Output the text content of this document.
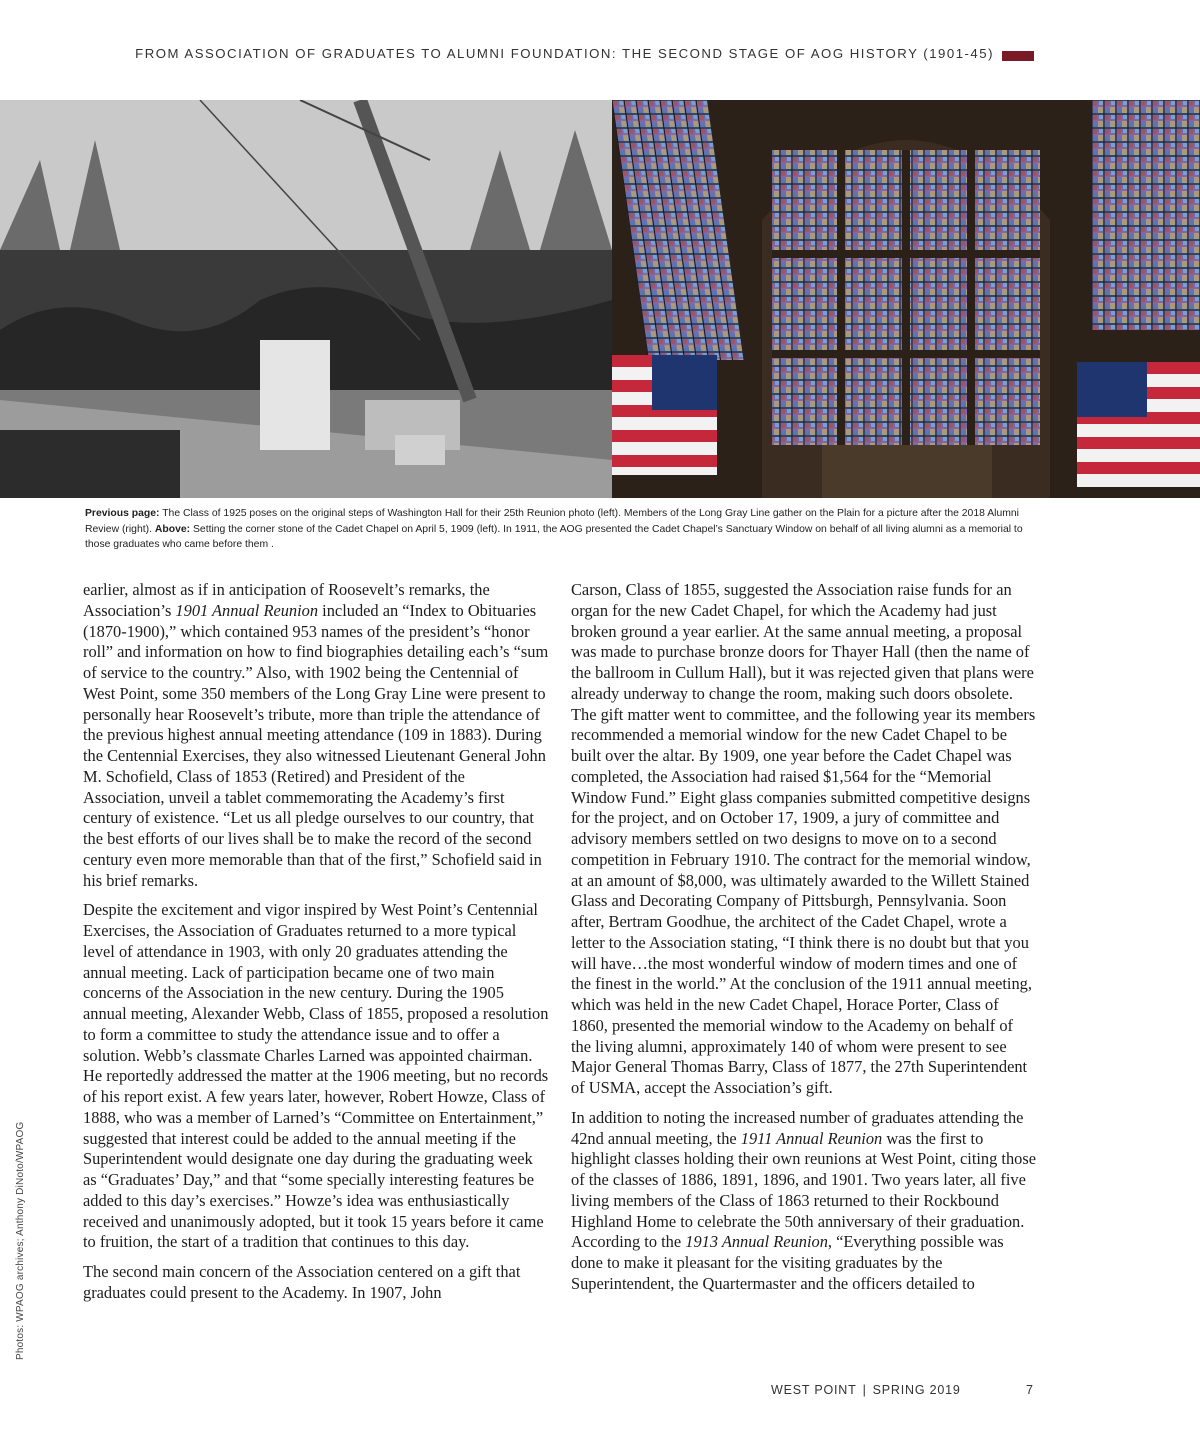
FROM ASSOCIATION OF GRADUATES TO ALUMNI FOUNDATION: THE SECOND STAGE OF AOG HISTORY (1901-45)
Previous page: The Class of 1925 poses on the original steps of Washington Hall for their 25th Reunion photo (left). Members of the Long Gray Line gather on the Plain for a picture after the 2018 Alumni Review (right). Above: Setting the corner stone of the Cadet Chapel on April 5, 1909 (left). In 1911, the AOG presented the Cadet Chapel’s Sanctuary Window on behalf of all living alumni as a memorial to those graduates who came before them .

earlier, almost as if in anticipation of Roosevelt’s remarks, the Association’s 1901 Annual Reunion included an “Index to Obituaries (1870-1900),” which contained 953 names of the president’s “honor roll” and information on how to find biographies detailing each’s “sum of service to the country.” Also, with 1902 being the Centennial of West Point, some 350 members of the Long Gray Line were present to personally hear Roosevelt’s tribute, more than triple the attendance of the previous highest annual meeting attendance (109 in 1883). During the Centennial Exercises, they also witnessed Lieutenant General John M. Schofield, Class of 1853 (Retired) and President of the Association, unveil a tablet commemorating the Academy’s first century of existence. “Let us all pledge ourselves to our country, that the best efforts of our lives shall be to make the record of the second century even more memorable than that of the first,” Schofield said in his brief remarks.

Despite the excitement and vigor inspired by West Point’s Centennial Exercises, the Association of Graduates returned to a more typical level of attendance in 1903, with only 20 graduates attending the annual meeting. Lack of participation became one of two main concerns of the Association in the new century. During the 1905 annual meeting, Alexander Webb, Class of 1855, proposed a resolution to form a committee to study the attendance issue and to offer a solution. Webb’s classmate Charles Larned was appointed chairman. He reportedly addressed the matter at the 1906 meeting, but no records of his report exist. A few years later, however, Robert Howze, Class of 1888, who was a member of Larned’s “Committee on Entertainment,” suggested that interest could be added to the annual meeting if the Superintendent would designate one day during the graduating week as “Graduates’ Day,” and that “some specially interesting features be added to this day’s exercises.” Howze’s idea was enthusiastically received and unanimously adopted, but it took 15 years before it came to fruition, the start of a tradition that continues to this day.

The second main concern of the Association centered on a gift that graduates could present to the Academy. In 1907, John

Carson, Class of 1855, suggested the Association raise funds for an organ for the new Cadet Chapel, for which the Academy had just broken ground a year earlier. At the same annual meeting, a proposal was made to purchase bronze doors for Thayer Hall (then the name of the ballroom in Cullum Hall), but it was rejected given that plans were already underway to change the room, making such doors obsolete. The gift matter went to committee, and the following year its members recommended a memorial window for the new Cadet Chapel to be built over the altar. By 1909, one year before the Cadet Chapel was completed, the Association had raised $1,564 for the “Memorial Window Fund.” Eight glass companies submitted competitive designs for the project, and on October 17, 1909, a jury of committee and advisory members settled on two designs to move on to a second competition in February 1910. The contract for the memorial window, at an amount of $8,000, was ultimately awarded to the Willett Stained Glass and Decorating Company of Pittsburgh, Pennsylvania. Soon after, Bertram Goodhue, the architect of the Cadet Chapel, wrote a letter to the Association stating, “I think there is no doubt but that you will have…the most wonderful window of modern times and one of the finest in the world.” At the conclusion of the 1911 annual meeting, which was held in the new Cadet Chapel, Horace Porter, Class of 1860, presented the memorial window to the Academy on behalf of the living alumni, approximately 140 of whom were present to see Major General Thomas Barry, Class of 1877, the 27th Superintendent of USMA, accept the Association’s gift.

In addition to noting the increased number of graduates attending the 42nd annual meeting, the 1911 Annual Reunion was the first to highlight classes holding their own reunions at West Point, citing those of the classes of 1886, 1891, 1896, and 1901. Two years later, all five living members of the Class of 1863 returned to their Rockbound Highland Home to celebrate the 50th anniversary of their graduation. According to the 1913 Annual Reunion, “Everything possible was done to make it pleasant for the visiting graduates by the Superintendent, the Quartermaster and the officers detailed to

Photos: WPAOG archives; Anthony DiNoto/WPAOG
WEST POINT | SPRING 2019	7
